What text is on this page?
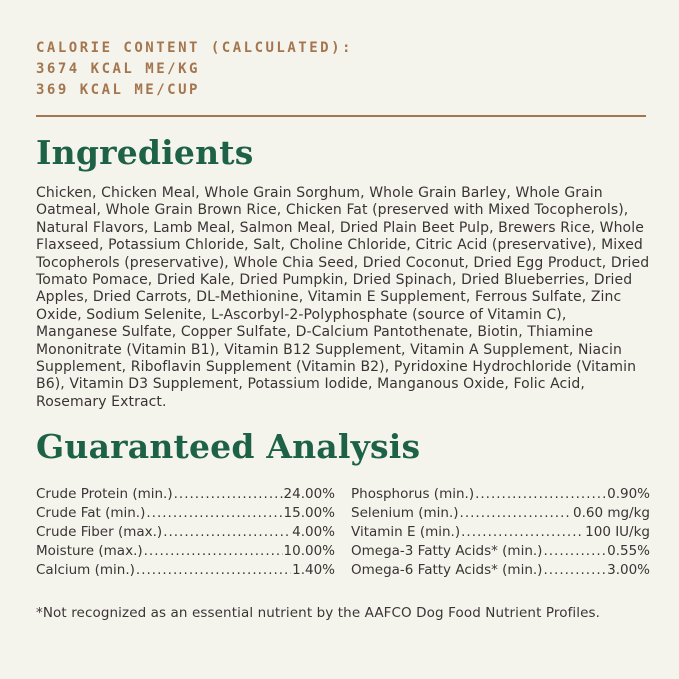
CALORIE CONTENT (CALCULATED):
3674 KCAL ME/KG
369 KCAL ME/CUP
Ingredients

Chicken, Chicken Meal, Whole Grain Sorghum, Whole Grain Barley, Whole Grain Oatmeal, Whole Grain Brown Rice, Chicken Fat (preserved with Mixed Tocopherols), Natural Flavors, Lamb Meal, Salmon Meal, Dried Plain Beet Pulp, Brewers Rice, Whole Flaxseed, Potassium Chloride, Salt, Choline Chloride, Citric Acid (preservative), Mixed Tocopherols (preservative), Whole Chia Seed, Dried Coconut, Dried Egg Product, Dried Tomato Pomace, Dried Kale, Dried Pumpkin, Dried Spinach, Dried Blueberries, Dried Apples, Dried Carrots, DL-Methionine, Vitamin E Supplement, Ferrous Sulfate, Zinc Oxide, Sodium Selenite, L-Ascorbyl-2-Polyphosphate (source of Vitamin C), Manganese Sulfate, Copper Sulfate, D-Calcium Pantothenate, Biotin, Thiamine Mononitrate (Vitamin B1), Vitamin B12 Supplement, Vitamin A Supplement, Niacin Supplement, Riboflavin Supplement (Vitamin B2), Pyridoxine Hydrochloride (Vitamin B6), Vitamin D3 Supplement, Potassium Iodide, Manganous Oxide, Folic Acid, Rosemary Extract.

Guaranteed Analysis
Crude Protein (min.) .....	24.00%
Crude Fat (min.) .....	15.00%
Crude Fiber (max.) .....	4.00%
Moisture (max.) .....	10.00%
Calcium (min.) .....	1.40%
Phosphorus (min.) .....	0.90%
Selenium (min.) .....	0.60 mg/kg
Vitamin E (min.) .....	100 IU/kg
Omega-3 Fatty Acids* (min.) .....	0.55%
Omega-6 Fatty Acids* (min.) .....	3.00%
*Not recognized as an essential nutrient by the AAFCO Dog Food Nutrient Profiles.
